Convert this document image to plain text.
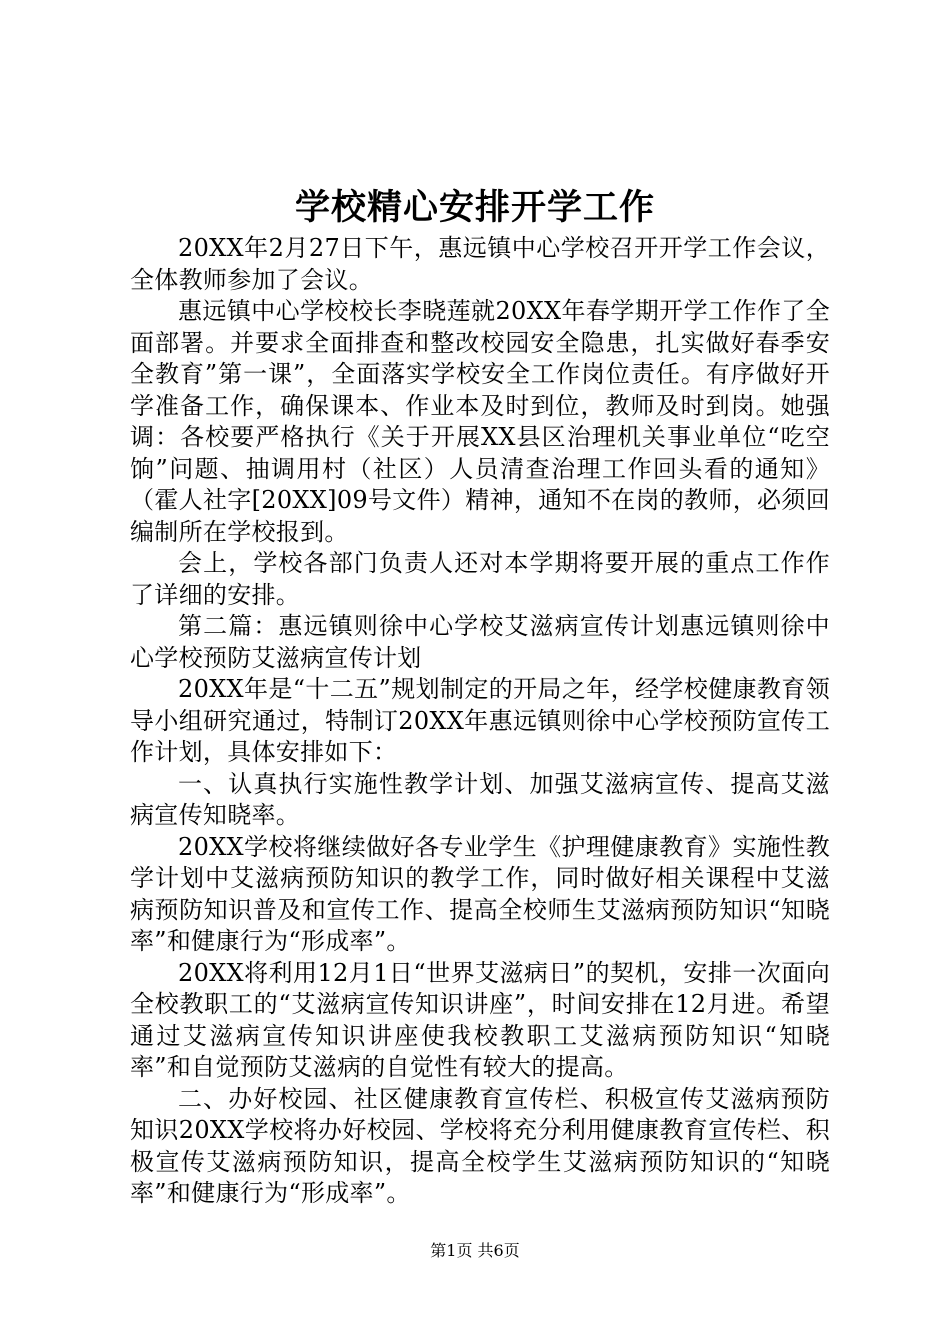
学校精心安排开学工作

20XX年2月27日下午，惠远镇中心学校召开开学工作会议，全体教师参加了会议。

惠远镇中心学校校长李晓莲就20XX年春学期开学工作作了全面部署。并要求全面排查和整改校园安全隐患，扎实做好春季安全教育”第一课”，全面落实学校安全工作岗位责任。有序做好开学准备工作，确保课本、作业本及时到位，教师及时到岗。她强调：各校要严格执行《关于开展XX县区治理机关事业单位“吃空饷”问题、抽调用村（社区）人员清查治理工作回头看的通知》（霍人社字[20XX]09号文件）精神，通知不在岗的教师，必须回编制所在学校报到。

会上，学校各部门负责人还对本学期将要开展的重点工作作了详细的安排。

第二篇：惠远镇则徐中心学校艾滋病宣传计划惠远镇则徐中心学校预防艾滋病宣传计划

20XX年是“十二五”规划制定的开局之年，经学校健康教育领导小组研究通过，特制订20XX年惠远镇则徐中心学校预防宣传工作计划，具体安排如下：

一、认真执行实施性教学计划、加强艾滋病宣传、提高艾滋病宣传知晓率。

20XX学校将继续做好各专业学生《护理健康教育》实施性教学计划中艾滋病预防知识的教学工作，同时做好相关课程中艾滋病预防知识普及和宣传工作、提高全校师生艾滋病预防知识“知晓率”和健康行为“形成率”。

20XX将利用12月1日“世界艾滋病日”的契机，安排一次面向全校教职工的“艾滋病宣传知识讲座”，时间安排在12月进。希望通过艾滋病宣传知识讲座使我校教职工艾滋病预防知识“知晓率”和自觉预防艾滋病的自觉性有较大的提高。

二、办好校园、社区健康教育宣传栏、积极宣传艾滋病预防知识20XX学校将办好校园、学校将充分利用健康教育宣传栏、积极宣传艾滋病预防知识，提高全校学生艾滋病预防知识的“知晓率”和健康行为“形成率”。

第1页 共6页
